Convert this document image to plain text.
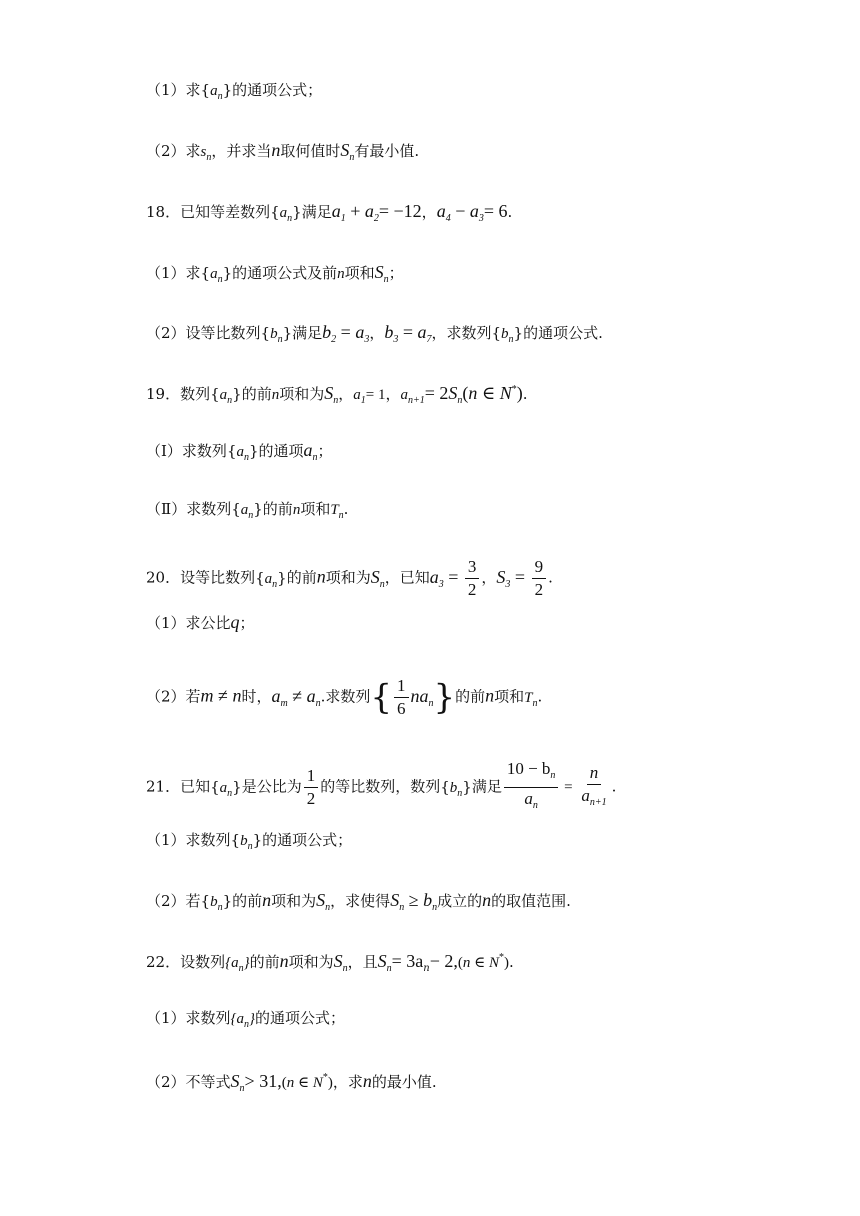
（1）求$\{a_n\}$的通项公式；
（2）求$s_n$，并求当n取何值时$S_n$有最小值.
18．已知等差数列$\{a_n\}$满足$a_1 + a_2= -12$，$a_4 - a_3= 6$.
（1）求$\{a_n\}$的通项公式及前n项和$S_n$；
（2）设等比数列$\{b_n\}$满足$b_2 = a_3$，$b_3 = a_7$，求数列$\{b_n\}$的通项公式.
19．数列$\{a_n\}$的前n项和为$S_n$，$a_1= 1$，$a_{n+1}= 2S_n(n$ ∈ N*).
（Ⅰ）求数列$\{a_n\}$的通项$a_n$；
（Ⅱ）求数列$\{a_n\}$的前n项和$T_n$.
20．设等比数列$\{a_n\}$的前n项和为$S_n$，已知$a_3 = \frac{3}{2}$ ，$S_3 = \frac{9}{2}$ .
（1）求公比q；
（2）若m ≠ n时，$a_m \ne a_n$.求数列{ $\frac{1}{6} na_n$}的前n项和$T_n$.
21．已知$\{a_n\}$是公比为 $\frac{1}{2}$ 的等比数列，数列$\{b_n\}$满足 $\frac{10 - b_n}{a_n} = \frac{n}{a_{n+1}}$ .
（1）求数列$\{b_n\}$的通项公式；
（2）若$\{b_n\}$的前n项和为$S_n$，求使得$S_n \ge b_n$成立的n的取值范围.
22．设数列$\{a_n\}$的前n项和为$S_n$，且$S_n= 3a_n- 2,(n$ ∈ N*).
（1）求数列$\{a_n\}$的通项公式；
（2）不等式$S_n> 31,(n$ ∈ N*)，求n的最小值.
